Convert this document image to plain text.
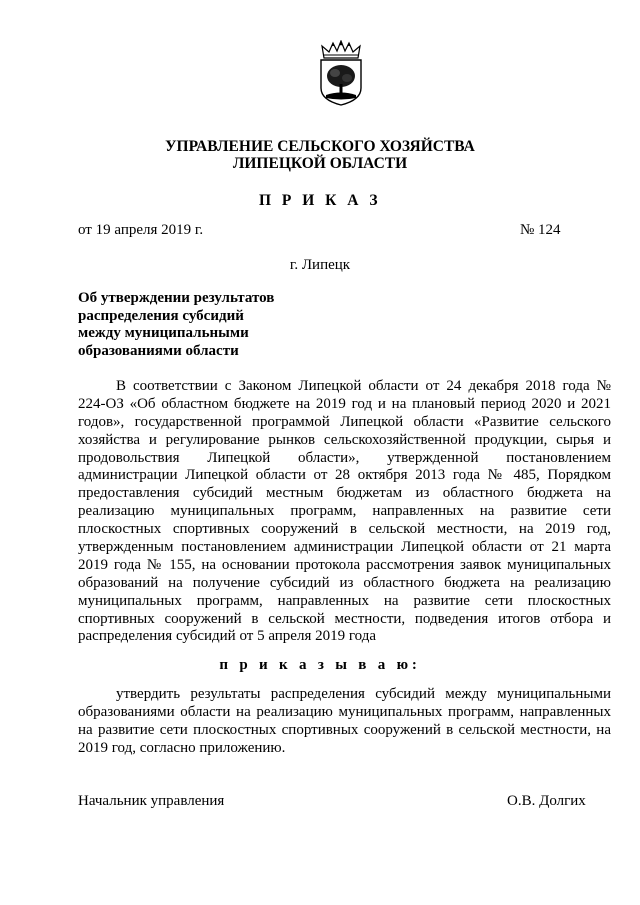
УПРАВЛЕНИЕ СЕЛЬСКОГО ХОЗЯЙСТВА
ЛИПЕЦКОЙ ОБЛАСТИ
П Р И К А З
от 19 апреля 2019 г.	№ 124
г. Липецк
Об утверждении результатов
распределения субсидий
между муниципальными
образованиями области
В соответствии с Законом Липецкой области от 24 декабря 2018 года №
224-ОЗ «Об областном бюджете на 2019 год и на плановый период 2020 и 2021
годов», государственной программой Липецкой области «Развитие сельского
хозяйства и регулирование рынков сельскохозяйственной продукции, сырья и
продовольствия Липецкой области», утвержденной постановлением
администрации Липецкой области от 28 октября 2013 года № 485, Порядком
предоставления субсидий местным бюджетам из областного бюджета на
реализацию муниципальных программ, направленных на развитие сети
плоскостных спортивных сооружений в сельской местности, на 2019 год,
утвержденным постановлением администрации Липецкой области от 21 марта
2019 года № 155, на основании протокола рассмотрения заявок муниципальных
образований на получение субсидий из областного бюджета на реализацию
муниципальных программ, направленных на развитие сети плоскостных
спортивных сооружений в сельской местности, подведения итогов отбора и
распределения субсидий от 5 апреля 2019 года
п р и к а з ы в а ю:
утвердить результаты распределения субсидий между муниципальными
образованиями области на реализацию муниципальных программ, направленных
на развитие сети плоскостных спортивных сооружений в сельской местности, на
2019 год, согласно приложению.
Начальник управления	О.В. Долгих
